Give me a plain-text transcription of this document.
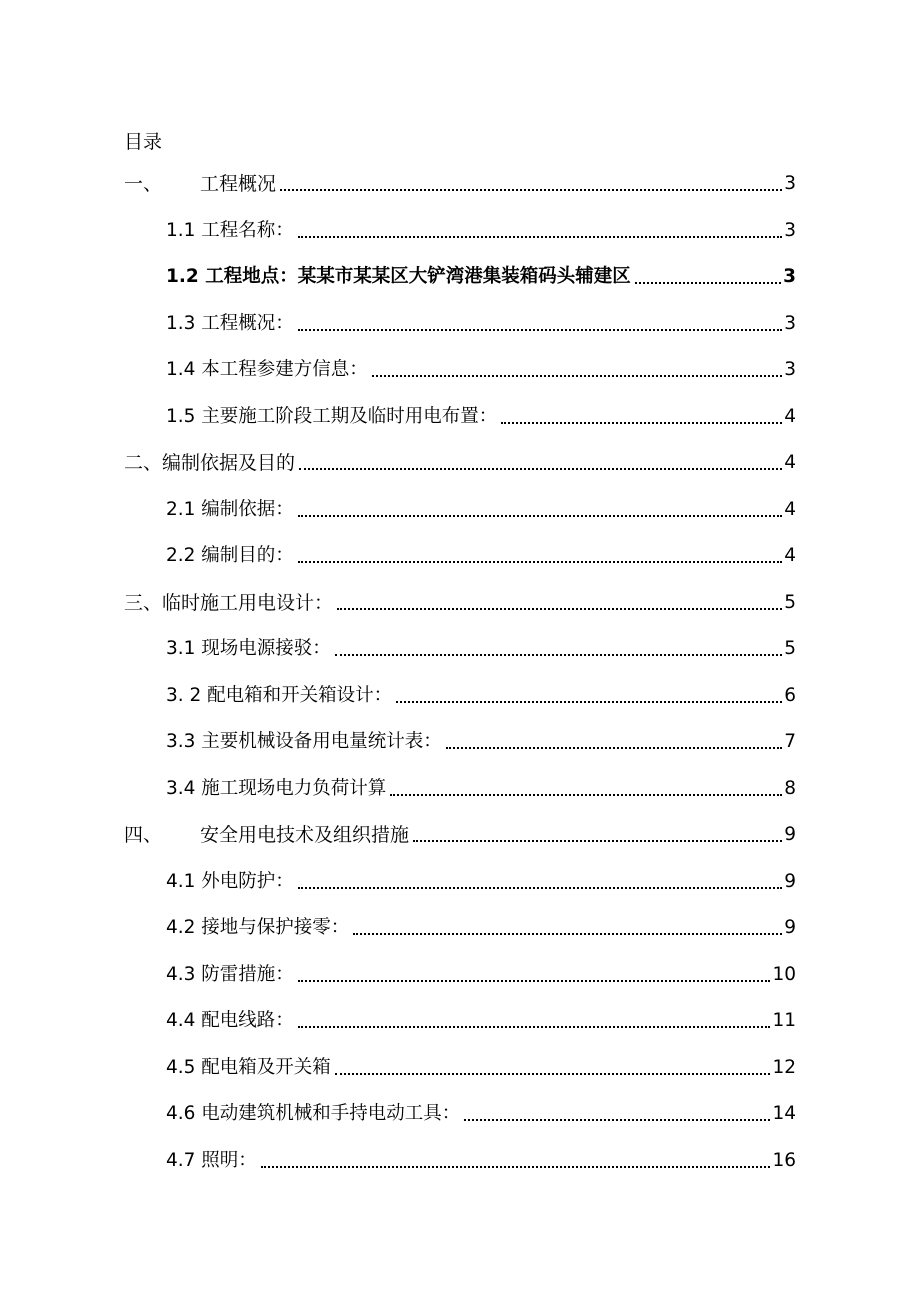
目录
一、 工程概况	3
1.1 工程名称：	3
1.2 工程地点：某某市某某区大铲湾港集装箱码头辅建区	3
1.3 工程概况：	3
1.4 本工程参建方信息：	3
1.5 主要施工阶段工期及临时用电布置：	4
二、 编制依据及目的	4
2.1 编制依据：	4
2.2 编制目的：	4
三、 临时施工用电设计：	5
3.1 现场电源接驳：	5
3. 2 配电箱和开关箱设计：	6
3.3 主要机械设备用电量统计表：	7
3.4 施工现场电力负荷计算	8
四、 安全用电技术及组织措施	9
4.1 外电防护：	9
4.2 接地与保护接零：	9
4.3 防雷措施：	10
4.4 配电线路：	11
4.5 配电箱及开关箱	12
4.6 电动建筑机械和手持电动工具：	14
4.7 照明：	16
